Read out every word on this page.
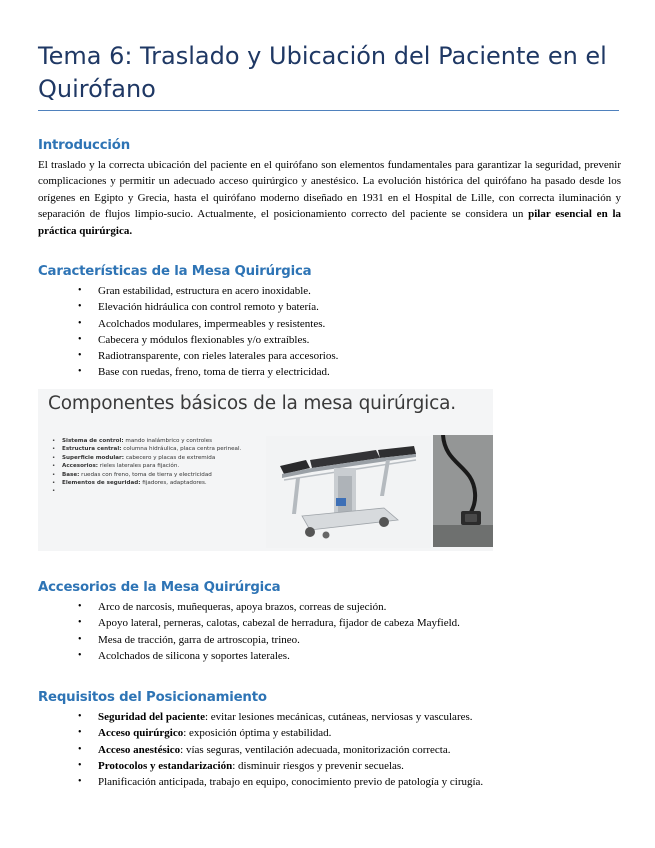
Tema 6: Traslado y Ubicación del Paciente en el Quirófano
Introducción

El traslado y la correcta ubicación del paciente en el quirófano son elementos fundamentales para garantizar la seguridad, prevenir complicaciones y permitir un adecuado acceso quirúrgico y anestésico. La evolución histórica del quirófano ha pasado desde los orígenes en Egipto y Grecia, hasta el quirófano moderno diseñado en 1931 en el Hospital de Lille, con correcta iluminación y separación de flujos limpio-sucio. Actualmente, el posicionamiento correcto del paciente se considera un pilar esencial en la práctica quirúrgica.

Características de la Mesa Quirúrgica
• Gran estabilidad, estructura en acero inoxidable.
• Elevación hidráulica con control remoto y batería.
• Acolchados modulares, impermeables y resistentes.
• Cabecera y módulos flexionables y/o extraíbles.
• Radiotransparente, con rieles laterales para accesorios.
• Base con ruedas, freno, toma de tierra y electricidad.

Componentes básicos de la mesa quirúrgica.

• Sistema de control: mando inalámbrico y controles
• Estructura central: columna hidráulica, placa centra perineal.
• Superficie modular: cabecero y placas de extremida
• Accesorios: rieles laterales para fijación.
• Base: ruedas con freno, toma de tierra y electricidad
• Elementos de seguridad: fijadores, adaptadores.
•
Accesorios de la Mesa Quirúrgica
• Arco de narcosis, muñequeras, apoya brazos, correas de sujeción.
• Apoyo lateral, perneras, calotas, cabezal de herradura, fijador de cabeza Mayfield.
• Mesa de tracción, garra de artroscopia, trineo.
• Acolchados de silicona y soportes laterales.
Requisitos del Posicionamiento
• Seguridad del paciente: evitar lesiones mecánicas, cutáneas, nerviosas y vasculares.
• Acceso quirúrgico: exposición óptima y estabilidad.
• Acceso anestésico: vías seguras, ventilación adecuada, monitorización correcta.
• Protocolos y estandarización: disminuir riesgos y prevenir secuelas.
• Planificación anticipada, trabajo en equipo, conocimiento previo de patología y cirugía.
